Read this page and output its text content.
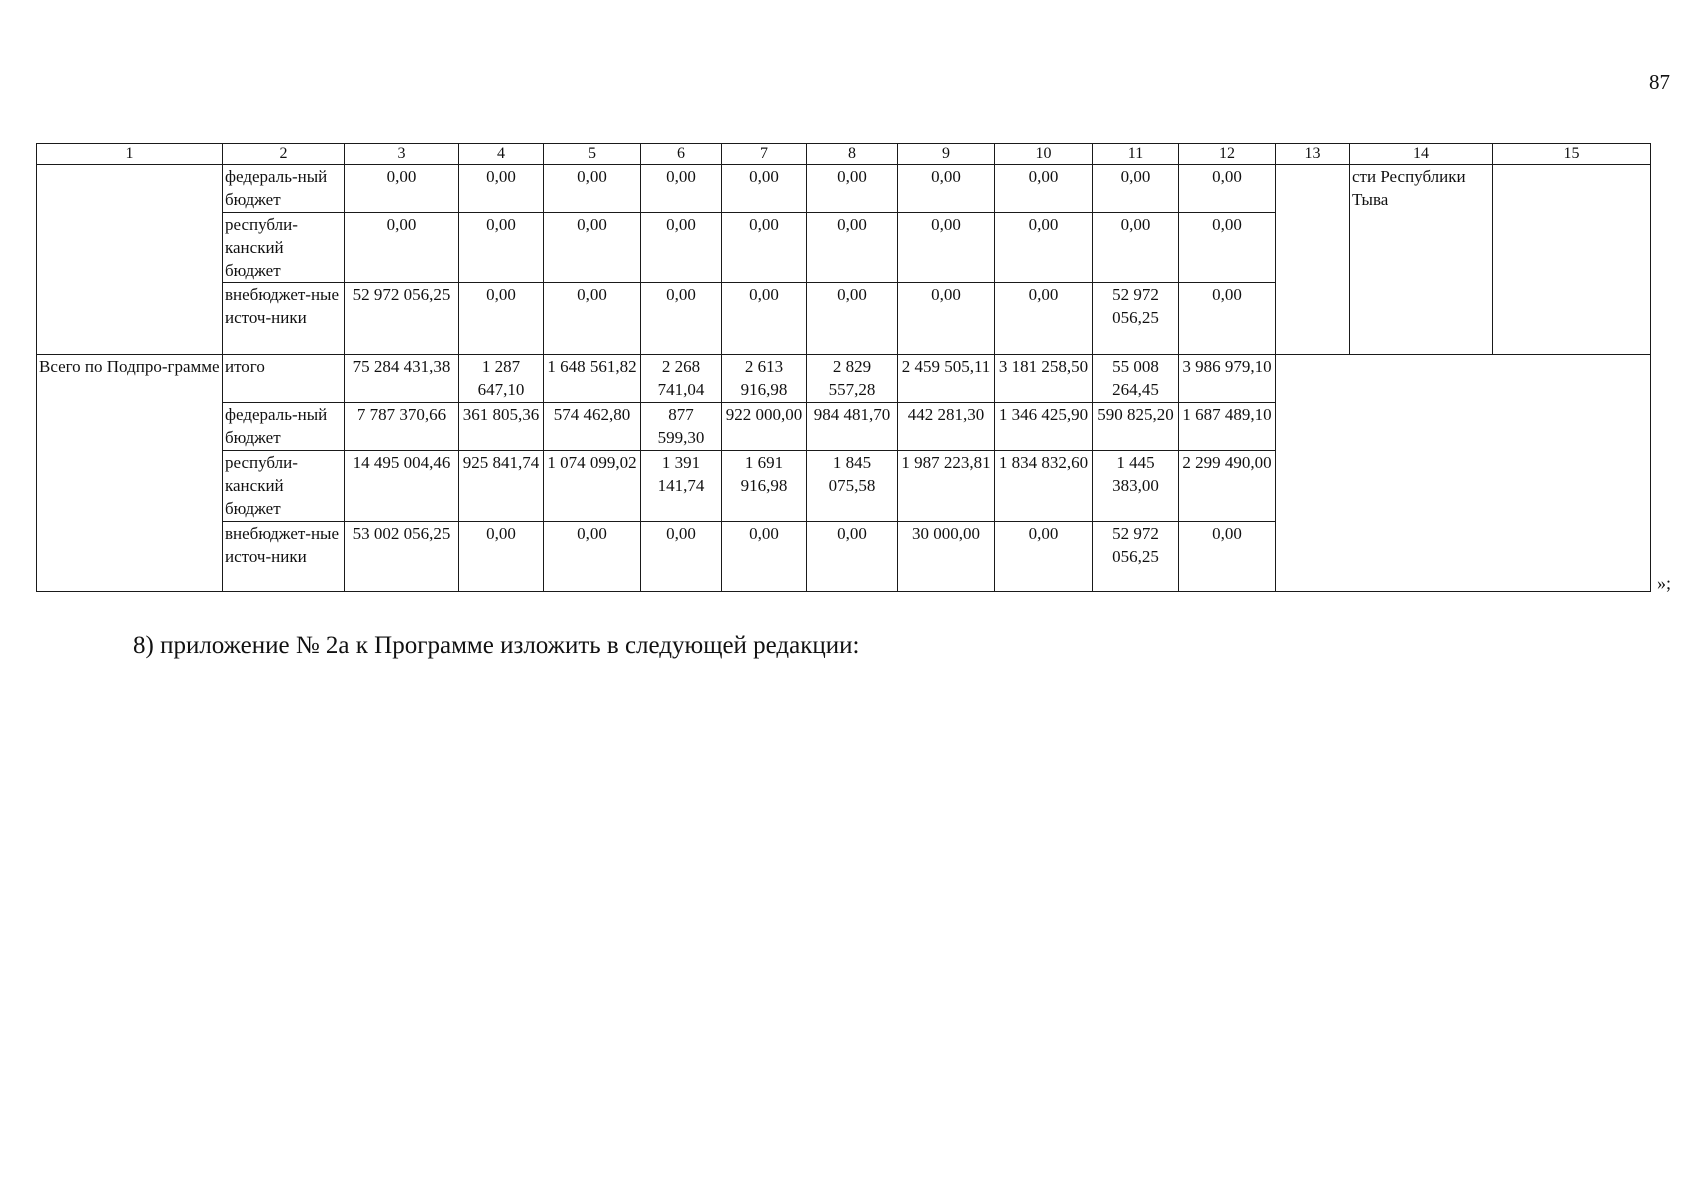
87
1	2	3	4	5	6	7	8	9	10	11	12	13	14	15
	федераль-ный бюджет	0,00	0,00	0,00	0,00	0,00	0,00	0,00	0,00	0,00	0,00		сти Республики Тыва	
	республи-канский бюджет	0,00	0,00	0,00	0,00	0,00	0,00	0,00	0,00	0,00	0,00			
	внебюджет-ные источ-ники	52 972 056,25	0,00	0,00	0,00	0,00	0,00	0,00	0,00	52 972 056,25	0,00			
Всего по Подпро-граммe	итого	75 284 431,38	1 287 647,10	1 648 561,82	2 268 741,04	2 613 916,98	2 829 557,28	2 459 505,11	3 181 258,50	55 008 264,45	3 986 979,10			
	федераль-ный бюджет	7 787 370,66	361 805,36	574 462,80	877 599,30	922 000,00	984 481,70	442 281,30	1 346 425,90	590 825,20	1 687 489,10			
	республи-канский бюджет	14 495 004,46	925 841,74	1 074 099,02	1 391 141,74	1 691 916,98	1 845 075,58	1 987 223,81	1 834 832,60	1 445 383,00	2 299 490,00			
	внебюджет-ные источ-ники	53 002 056,25	0,00	0,00	0,00	0,00	0,00	30 000,00	0,00	52 972 056,25	0,00			
»;
8) приложение № 2а к Программе изложить в следующей редакции:
